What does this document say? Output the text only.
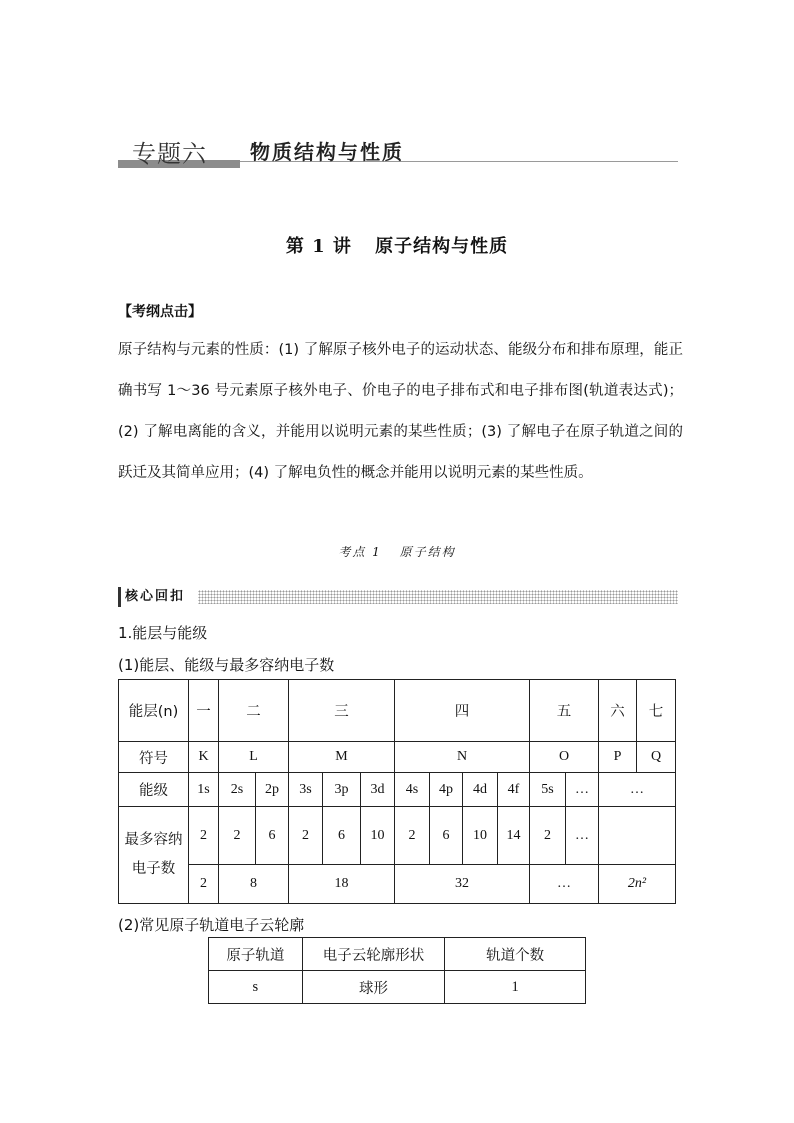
专题六 物质结构与性质
第 1 讲 原子结构与性质
【考纲点击】
原子结构与元素的性质：(1) 了解原子核外电子的运动状态、能级分布和排布原理，能正确书写 1～36 号元素原子核外电子、价电子的电子排布式和电子排布图(轨道表达式)；(2) 了解电离能的含义，并能用以说明元素的某些性质；(3) 了解电子在原子轨道之间的跃迁及其简单应用；(4) 了解电负性的概念并能用以说明元素的某些性质。
考点 1 原子结构
核心回扣
1.能层与能级
(1)能层、能级与最多容纳电子数
能层(n)	一	二		三			四				五		六	七
符号	K	L		M			N				O		P	Q
能级	1s	2s	2p	3s	3p	3d	4s	4p	4d	4f	5s	…	…	
最多容纳电子数	2	2	6	2	6	10	2	6	10	14	2	…		
	2	8		18			32				…		2n²	
(2)常见原子轨道电子云轮廓
原子轨道	电子云轮廓形状	轨道个数
s	球形	1
